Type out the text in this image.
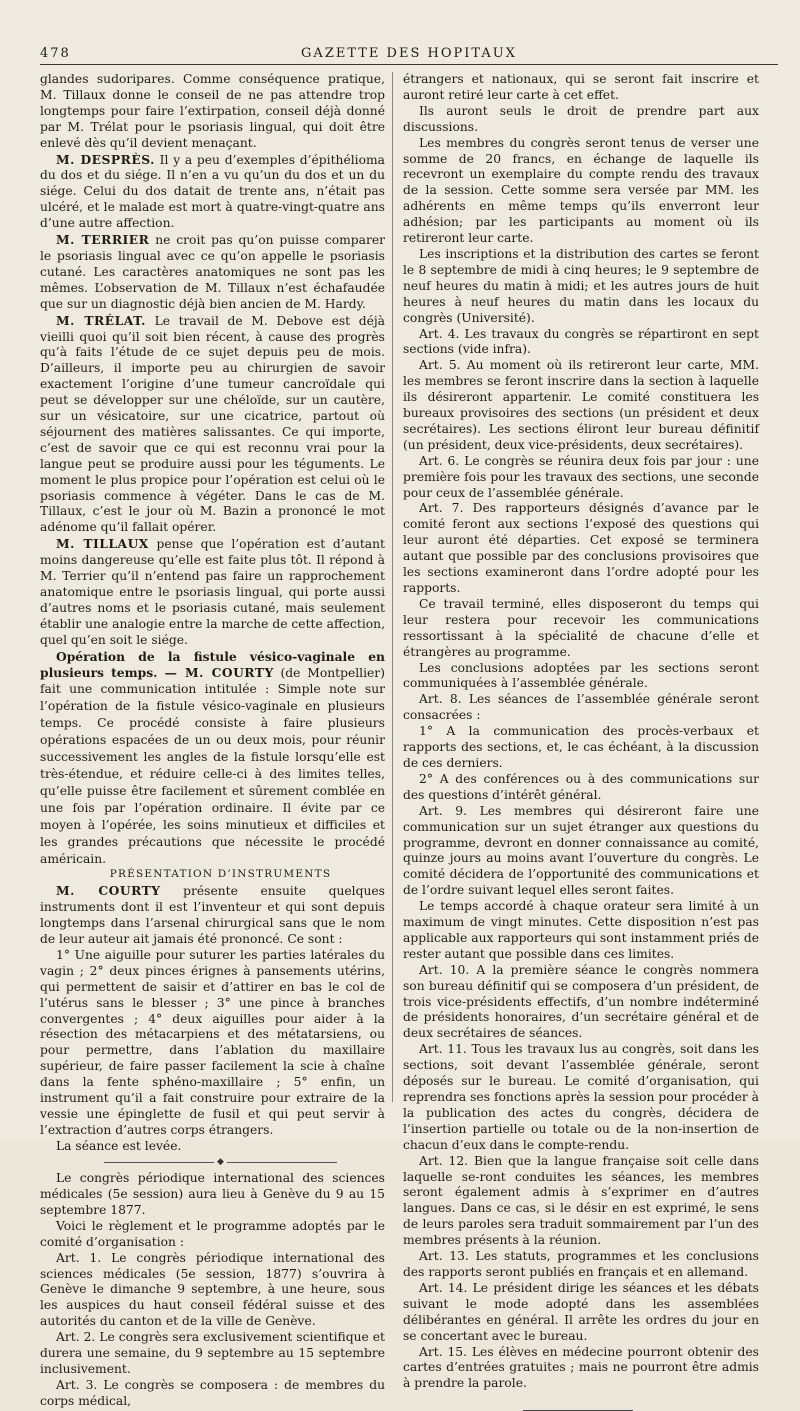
478	GAZETTE DES HOPITAUX

glandes sudoripares. Comme conséquence pratique, M. Tillaux donne le conseil de ne pas attendre trop longtemps pour faire l’extirpation, conseil déjà donné par M. Trélat pour le psoriasis lingual, qui doit être enlevé dès qu’il devient menaçant.

M. DESPRÈS. Il y a peu d’exemples d’épithélioma du dos et du siége. Il n’en a vu qu’un du dos et un du siége. Celui du dos datait de trente ans, n’était pas ulcéré, et le malade est mort à quatre-vingt-quatre ans d’une autre affection.

M. TERRIER ne croit pas qu’on puisse comparer le psoriasis lingual avec ce qu’on appelle le psoriasis cutané. Les caractères anatomiques ne sont pas les mêmes. L’observation de M. Tillaux n’est échafaudée que sur un diagnostic déjà bien ancien de M. Hardy.

M. TRÉLAT. Le travail de M. Debove est déjà vieilli quoi qu’il soit bien récent, à cause des progrès qu’à faits l’étude de ce sujet depuis peu de mois. D’ailleurs, il importe peu au chirurgien de savoir exactement l’origine d’une tumeur cancroïdale qui peut se développer sur une chéloïde, sur un cautère, sur un vésicatoire, sur une cicatrice, partout où séjournent des matières salissantes. Ce qui importe, c’est de savoir que ce qui est reconnu vrai pour la langue peut se produire aussi pour les téguments. Le moment le plus propice pour l’opération est celui où le psoriasis commence à végéter. Dans le cas de M. Tillaux, c’est le jour où M. Bazin a prononcé le mot adénome qu’il fallait opérer.

M. TILLAUX pense que l’opération est d’autant moins dangereuse qu’elle est faite plus tôt. Il répond à M. Terrier qu’il n’entend pas faire un rapprochement anatomique entre le psoriasis lingual, qui porte aussi d’autres noms et le psoriasis cutané, mais seulement établir une analogie entre la marche de cette affection, quel qu’en soit le siége.

Opération de la fistule vésico-vaginale en plusieurs temps. — M. COURTY (de Montpellier) fait une communication intitulée : Simple note sur l’opération de la fistule vésico-vaginale en plusieurs temps. Ce procédé consiste à faire plusieurs opérations espacées de un ou deux mois, pour réunir successivement les angles de la fistule lorsqu’elle est très-étendue, et réduire celle-ci à des limites telles, qu’elle puisse être facilement et sûrement comblée en une fois par l’opération ordinaire. Il évite par ce moyen à l’opérée, les soins minutieux et difficiles et les grandes précautions que nécessite le procédé américain.

PRÉSENTATION D’INSTRUMENTS

M. COURTY présente ensuite quelques instruments dont il est l’inventeur et qui sont depuis longtemps dans l’arsenal chirurgical sans que le nom de leur auteur ait jamais été prononcé. Ce sont :

1° Une aiguille pour suturer les parties latérales du vagin ; 2° deux pinces érignes à pansements utérins, qui permettent de saisir et d’attirer en bas le col de l’utérus sans le blesser ; 3° une pince à branches convergentes ; 4° deux aiguilles pour aider à la résection des métacarpiens et des métatarsiens, ou pour permettre, dans l’ablation du maxillaire supérieur, de faire passer facilement la scie à chaîne dans la fente sphéno-maxillaire ; 5° enfin, un instrument qu’il a fait construire pour extraire de la vessie une épinglette de fusil et qui peut servir à l’extraction d’autres corps étrangers.

La séance est levée.

◆

Le congrès périodique international des sciences médicales (5e session) aura lieu à Genève du 9 au 15 septembre 1877.

Voici le règlement et le programme adoptés par le comité d’organisation :

Art. 1. Le congrès périodique international des sciences médicales (5e session, 1877) s’ouvrira à Genève le dimanche 9 septembre, à une heure, sous les auspices du haut conseil fédéral suisse et des autorités du canton et de la ville de Genève.

Art. 2. Le congrès sera exclusivement scientifique et durera une semaine, du 9 septembre au 15 septembre inclusivement.

Art. 3. Le congrès se composera : de membres du corps médical,

étrangers et nationaux, qui se seront fait inscrire et auront retiré leur carte à cet effet.

Ils auront seuls le droit de prendre part aux discussions.

Les membres du congrès seront tenus de verser une somme de 20 francs, en échange de laquelle ils recevront un exemplaire du compte rendu des travaux de la session. Cette somme sera versée par MM. les adhérents en même temps qu’ils enverront leur adhésion; par les participants au moment où ils retireront leur carte.

Les inscriptions et la distribution des cartes se feront le 8 septembre de midi à cinq heures; le 9 septembre de neuf heures du matin à midi; et les autres jours de huit heures à neuf heures du matin dans les locaux du congrès (Université).

Art. 4. Les travaux du congrès se répartiront en sept sections (vide infra).

Art. 5. Au moment où ils retireront leur carte, MM. les membres se feront inscrire dans la section à laquelle ils désireront appartenir. Le comité constituera les bureaux provisoires des sections (un président et deux secrétaires). Les sections éliront leur bureau définitif (un président, deux vice-présidents, deux secrétaires).

Art. 6. Le congrès se réunira deux fois par jour : une première fois pour les travaux des sections, une seconde pour ceux de l’assemblée générale.

Art. 7. Des rapporteurs désignés d’avance par le comité feront aux sections l’exposé des questions qui leur auront été départies. Cet exposé se terminera autant que possible par des conclusions provisoires que les sections examineront dans l’ordre adopté pour les rapports.

Ce travail terminé, elles disposeront du temps qui leur restera pour recevoir les communications ressortissant à la spécialité de chacune d’elle et étrangères au programme.

Les conclusions adoptées par les sections seront communiquées à l’assemblée générale.

Art. 8. Les séances de l’assemblée générale seront consacrées :

1° A la communication des procès-verbaux et rapports des sections, et, le cas échéant, à la discussion de ces derniers.

2° A des conférences ou à des communications sur des questions d’intérêt général.

Art. 9. Les membres qui désireront faire une communication sur un sujet étranger aux questions du programme, devront en donner connaissance au comité, quinze jours au moins avant l’ouverture du congrès. Le comité décidera de l’opportunité des communications et de l’ordre suivant lequel elles seront faites.

Le temps accordé à chaque orateur sera limité à un maximum de vingt minutes. Cette disposition n’est pas applicable aux rapporteurs qui sont instamment priés de rester autant que possible dans ces limites.

Art. 10. A la première séance le congrès nommera son bureau définitif qui se composera d’un président, de trois vice-présidents effectifs, d’un nombre indéterminé de présidents honoraires, d’un secrétaire général et de deux secrétaires de séances.

Art. 11. Tous les travaux lus au congrès, soit dans les sections, soit devant l’assemblée générale, seront déposés sur le bureau. Le comité d’organisation, qui reprendra ses fonctions après la session pour procéder à la publication des actes du congrès, décidera de l’insertion partielle ou totale ou de la non-insertion de chacun d’eux dans le compte-rendu.

Art. 12. Bien que la langue française soit celle dans laquelle se-ront conduites les séances, les membres seront également admis à s’exprimer en d’autres langues. Dans ce cas, si le désir en est exprimé, le sens de leurs paroles sera traduit sommairement par l’un des membres présents à la réunion.

Art. 13. Les statuts, programmes et les conclusions des rapports seront publiés en français et en allemand.

Art. 14. Le président dirige les séances et les débats suivant le mode adopté dans les assemblées délibérantes en général. Il arrête les ordres du jour en se concertant avec le bureau.

Art. 15. Les élèves en médecine pourront obtenir des cartes d’entrées gratuites ; mais ne pourront être admis à prendre la parole.
